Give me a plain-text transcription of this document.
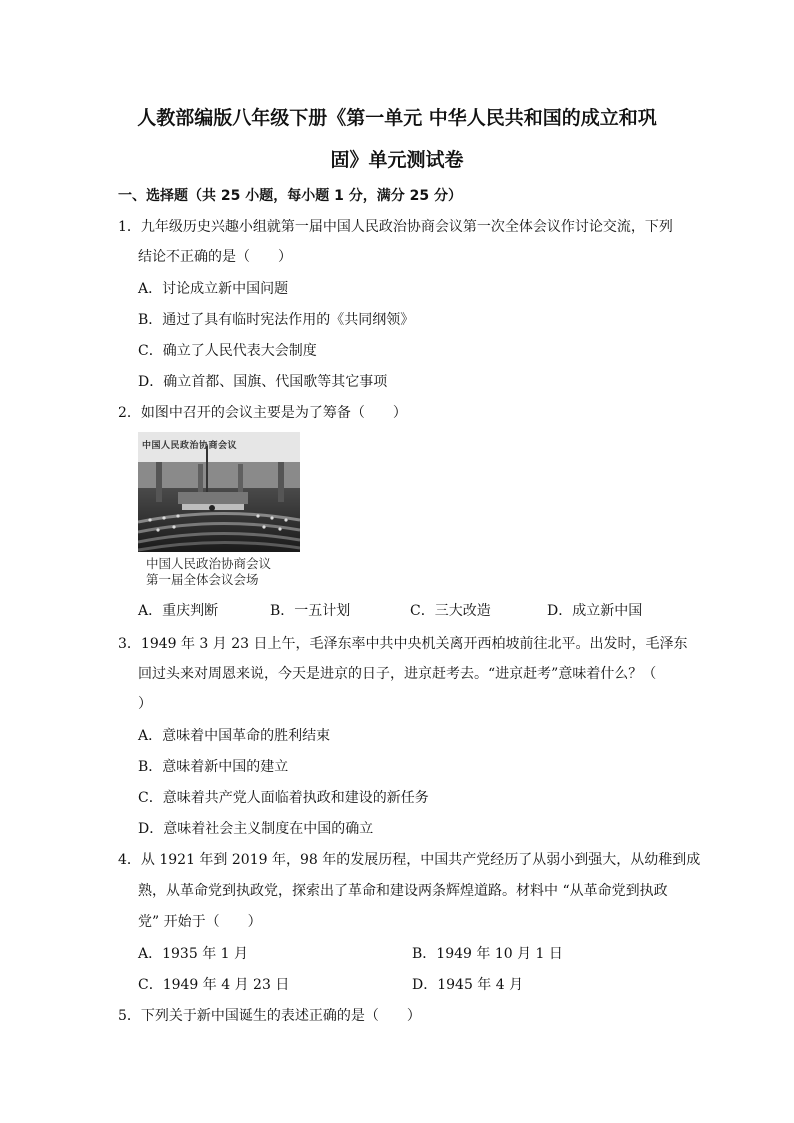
人教部编版八年级下册《第一单元 中华人民共和国的成立和巩
固》单元测试卷
一、选择题（共 25 小题，每小题 1 分，满分 25 分）
1．九年级历史兴趣小组就第一届中国人民政治协商会议第一次全体会议作讨论交流，下列
结论不正确的是（　　）
A．讨论成立新中国问题
B．通过了具有临时宪法作用的《共同纲领》
C．确立了人民代表大会制度
D．确立首都、国旗、代国歌等其它事项
2．如图中召开的会议主要是为了筹备（　　）
中国人民政治协商会议
中国人民政治协商会议
第一届全体会议会场
A．重庆判断	B．一五计划	C．三大改造	D．成立新中国
3．1949 年 3 月 23 日上午，毛泽东率中共中央机关离开西柏坡前往北平。出发时，毛泽东
回过头来对周恩来说，今天是进京的日子，进京赶考去。“进京赶考”意味着什么？（
）
A．意味着中国革命的胜利结束
B．意味着新中国的建立
C．意味着共产党人面临着执政和建设的新任务
D．意味着社会主义制度在中国的确立
4．从 1921 年到 2019 年，98 年的发展历程，中国共产党经历了从弱小到强大，从幼稚到成
熟，从革命党到执政党，探索出了革命和建设两条辉煌道路。材料中 “从革命党到执政
党” 开始于（　　）
A．1935 年 1 月	B．1949 年 10 月 1 日
C．1949 年 4 月 23 日	D．1945 年 4 月
5．下列关于新中国诞生的表述正确的是（　　）
